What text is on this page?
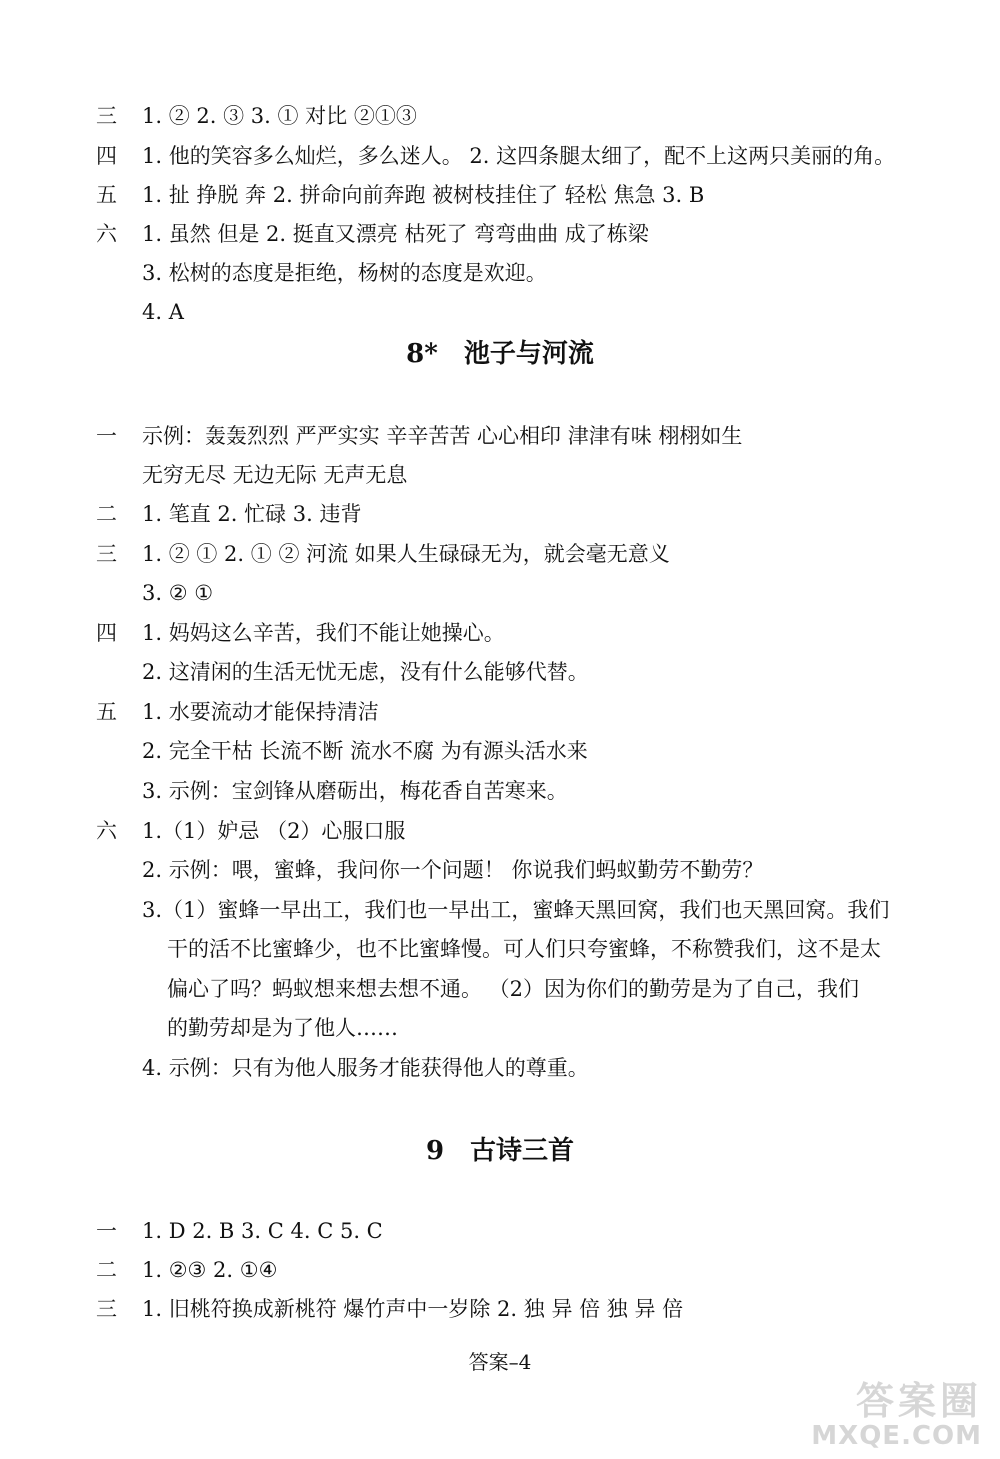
三	1. ② 2. ③ 3. ① 对比 ②①③
四	1. 他的笑容多么灿烂，多么迷人。 2. 这四条腿太细了，配不上这两只美丽的角。
五	1. 扯 挣脱 奔 2. 拼命向前奔跑 被树枝挂住了 轻松 焦急 3. B
六	1. 虽然 但是 2. 挺直又漂亮 枯死了 弯弯曲曲 成了栋梁
3. 松树的态度是拒绝，杨树的态度是欢迎。
4. A
8* 池子与河流
一	示例：轰轰烈烈 严严实实 辛辛苦苦 心心相印 津津有味 栩栩如生
无穷无尽 无边无际 无声无息
二	1. 笔直 2. 忙碌 3. 违背
三	1. ② ① 2. ① ② 河流 如果人生碌碌无为，就会毫无意义
3. ② ①
四	1. 妈妈这么辛苦，我们不能让她操心。
2. 这清闲的生活无忧无虑，没有什么能够代替。
五	1. 水要流动才能保持清洁
2. 完全干枯 长流不断 流水不腐 为有源头活水来
3. 示例：宝剑锋从磨砺出，梅花香自苦寒来。
六	1.（1）妒忌 （2）心服口服
2. 示例：喂，蜜蜂，我问你一个问题！ 你说我们蚂蚁勤劳不勤劳？
3.（1）蜜蜂一早出工，我们也一早出工，蜜蜂天黑回窝，我们也天黑回窝。我们
干的活不比蜜蜂少，也不比蜜蜂慢。可人们只夸蜜蜂，不称赞我们，这不是太
偏心了吗？蚂蚁想来想去想不通。 （2）因为你们的勤劳是为了自己，我们
的勤劳却是为了他人……
4. 示例：只有为他人服务才能获得他人的尊重。
9 古诗三首
一	1. D 2. B 3. C 4. C 5. C
二	1. ②③ 2. ①④
三	1. 旧桃符换成新桃符 爆竹声中一岁除 2. 独 异 倍 独 异 倍
答案–4
答案圈
MXQE.COM
